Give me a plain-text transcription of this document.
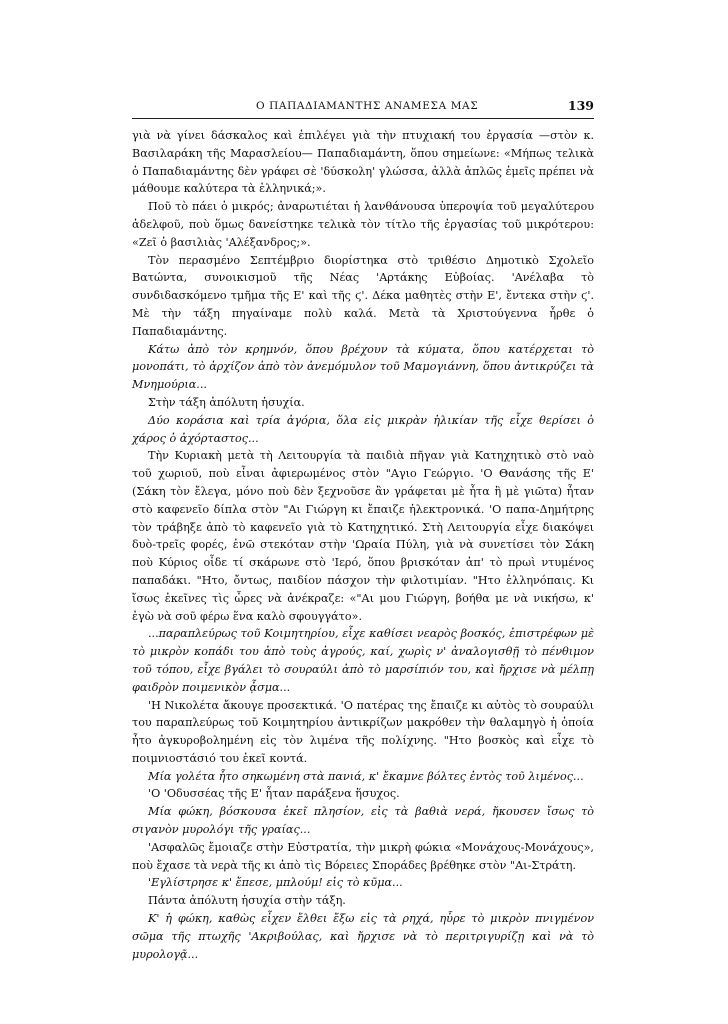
Ο ΠΑΠΑΔΙΑΜΑΝΤΗΣ ΑΝΑΜΕΣΑ ΜΑΣ	139

γιὰ νὰ γίνει δάσκαλος καὶ ἐπιλέγει γιὰ τὴν πτυχιακή του ἐργασία —στὸν κ. Βασιλαράκη τῆς Μαρασλείου— Παπαδιαμάντη, ὅπου σημείωνε: «Μήπως τελικὰ ὁ Παπαδιαμάντης δὲν γράφει σὲ 'δύσκολη' γλώσσα, ἀλλὰ ἁπλῶς ἐμεῖς πρέπει νὰ μάθουμε καλύτερα τὰ ἑλληνικά;».

Ποῦ τὸ πάει ὁ μικρός; ἀναρωτιέται ἡ λανθάνουσα ὑπεροψία τοῦ μεγαλύτερου ἀδελφοῦ, ποὺ ὅμως δανείστηκε τελικὰ τὸν τίτλο τῆς ἐργασίας τοῦ μικρότερου: «Ζεῖ ὁ βασιλιὰς 'Αλέξανδρος;».

Τὸν περασμένο Σεπτέμβριο διορίστηκα στὸ τριθέσιο Δημοτικὸ Σχολεῖο Βατώντα, συνοικισμοῦ τῆς Νέας 'Αρτάκης Εὐβοίας. 'Ανέλαβα τὸ συνδιδασκόμενο τμῆμα τῆς Ε' καὶ τῆς ϛ'. Δέκα μαθητὲς στὴν Ε', ἔντεκα στὴν ϛ'. Μὲ τὴν τάξη πηγαίναμε πολὺ καλά. Μετὰ τὰ Χριστούγεννα ἦρθε ὁ Παπαδιαμάντης.

Κάτω ἀπὸ τὸν κρημνόν, ὅπου βρέχουν τὰ κύματα, ὅπου κατέρχεται τὸ μονοπάτι, τὸ ἀρχίζον ἀπὸ τὸν ἀνεμόμυλον τοῦ Μαμογιάννη, ὅπου ἀντικρύζει τὰ Μνημούρια...

Στὴν τάξη ἀπόλυτη ἡσυχία.

Δύο κοράσια καὶ τρία ἀγόρια, ὅλα εἰς μικρὰν ἡλικίαν τῆς εἶχε θερίσει ὁ χάρος ὁ ἀχόρταστος...

Τὴν Κυριακὴ μετὰ τὴ Λειτουργία τὰ παιδιὰ πῆγαν γιὰ Κατηχητικὸ στὸ ναὸ τοῦ χωριοῦ, ποὺ εἶναι ἀφιερωμένος στὸν "Αγιο Γεώργιο. 'Ο Θανάσης τῆς Ε' (Σάκη τὸν ἔλεγα, μόνο ποὺ δὲν ξεχνοῦσε ἂν γράφεται μὲ ἦτα ἢ μὲ γιῶτα) ἦταν στὸ καφενεῖο δίπλα στὸν "Αι Γιώργη κι ἔπαιζε ἠλεκτρονικά. 'Ο παπα-Δημήτρης τὸν τράβηξε ἀπὸ τὸ καφενεῖο γιὰ τὸ Κατηχητικό. Στὴ Λειτουργία εἶχε διακόψει δυὸ-τρεῖς φορές, ἐνῶ στεκόταν στὴν 'Ωραία Πύλη, γιὰ νὰ συνετίσει τὸν Σάκη ποὺ Κύριος οἶδε τί σκάρωνε στὸ 'Ιερό, ὅπου βρισκόταν ἀπ' τὸ πρωὶ ντυμένος παπαδάκι. "Ητο, ὄντως, παιδίον πάσχον τὴν φιλοτιμίαν. "Ητο ἑλληνόπαις. Κι ἴσως ἐκεῖνες τὶς ὧρες νὰ ἀνέκραζε: «"Αι μου Γιώργη, βοήθα με νὰ νικήσω, κ' ἐγὼ νὰ σοῦ φέρω ἕνα καλὸ σφουγγάτο».

...παραπλεύρως τοῦ Κοιμητηρίου, εἶχε καθίσει νεαρὸς βοσκός, ἐπιστρέφων μὲ τὸ μικρὸν κοπάδι του ἀπὸ τοὺς ἀγρούς, καί, χωρὶς ν' ἀναλογισθῇ τὸ πένθιμον τοῦ τόπου, εἶχε βγάλει τὸ σουραύλι ἀπὸ τὸ μαρσίπιόν του, καὶ ἤρχισε νὰ μέλπῃ φαιδρὸν ποιμενικὸν ᾆσμα...

'Η Νικολέτα ἄκουγε προσεκτικά. 'Ο πατέρας της ἔπαιζε κι αὐτὸς τὸ σουραύλι του παραπλεύρως τοῦ Κοιμητηρίου ἀντικρίζων μακρόθεν τὴν θαλαμηγὸ ἡ ὁποία ἦτο ἀγκυροβολημένη εἰς τὸν λιμένα τῆς πολίχνης. "Ητο βοσκὸς καὶ εἶχε τὸ ποιμνιοστάσιό του ἐκεῖ κοντά.

Μία γολέτα ἦτο σηκωμένη στὰ πανιά, κ' ἔκαμνε βόλτες ἐντὸς τοῦ λιμένος...

'Ο 'Οδυσσέας τῆς Ε' ἦταν παράξενα ἥσυχος.

Μία φώκη, βόσκουσα ἐκεῖ πλησίον, εἰς τὰ βαθιὰ νερά, ἤκουσεν ἴσως τὸ σιγανὸν μυρολόγι τῆς γραίας...

'Ασφαλῶς ἔμοιαζε στὴν Εὐστρατία, τὴν μικρὴ φώκια «Μονάχους-Μονάχους», ποὺ ἔχασε τὰ νερὰ τῆς κι ἀπὸ τὶς Βόρειες Σποράδες βρέθηκε στὸν "Αι-Στράτη.

'Εγλίστρησε κ' ἔπεσε, μπλούμ! εἰς τὸ κῦμα...

Πάντα ἀπόλυτη ἡσυχία στὴν τάξη.

Κ' ἡ φώκη, καθὼς εἶχεν ἔλθει ἔξω εἰς τὰ ρηχά, ηὗρε τὸ μικρὸν πνιγμένον σῶμα τῆς πτωχῆς 'Ακριβούλας, καὶ ἤρχισε νὰ τὸ περιτριγυρίζῃ καὶ νὰ τὸ μυρολογᾷ...
